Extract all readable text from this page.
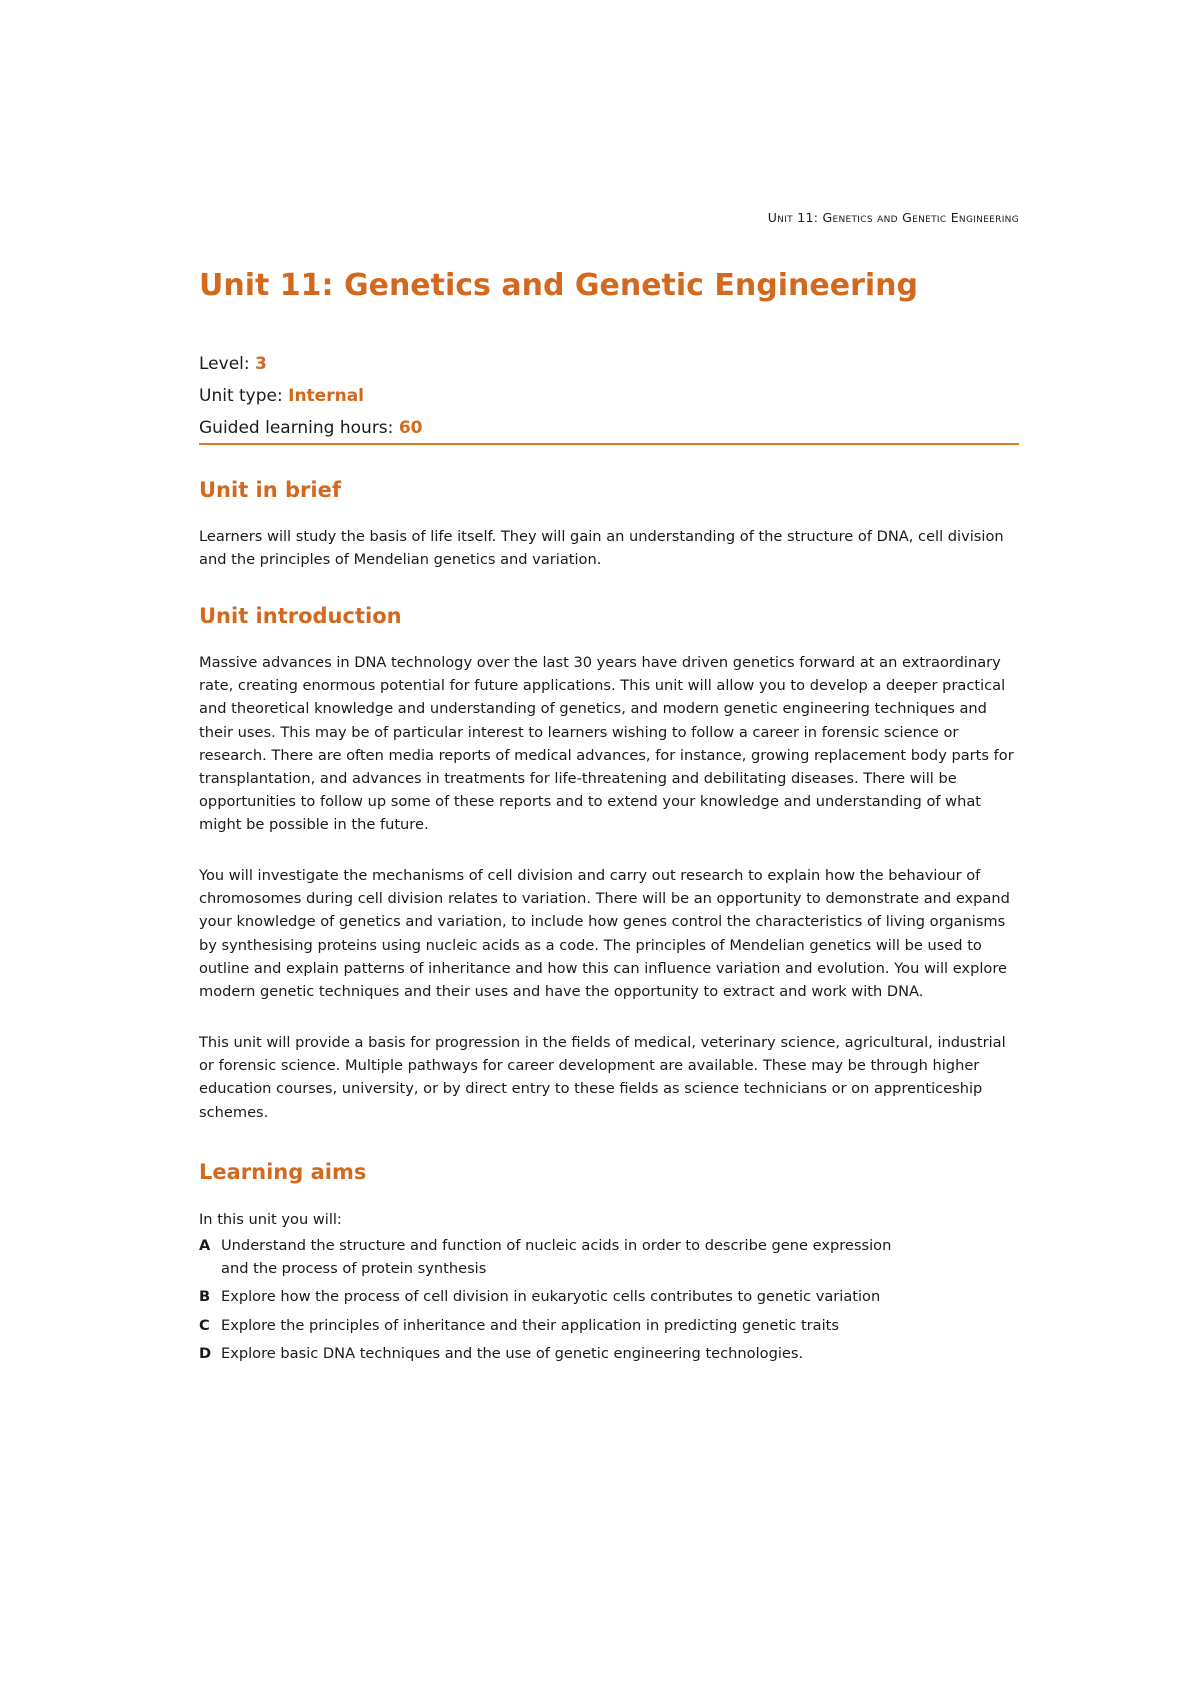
Unit 11: Genetics and Genetic Engineering
Unit 11: Genetics and Genetic Engineering
Level: 3
Unit type: Internal
Guided learning hours: 60
Unit in brief

Learners will study the basis of life itself. They will gain an understanding of the structure of DNA, cell division and the principles of Mendelian genetics and variation.

Unit introduction

Massive advances in DNA technology over the last 30 years have driven genetics forward at an extraordinary rate, creating enormous potential for future applications. This unit will allow you to develop a deeper practical and theoretical knowledge and understanding of genetics, and modern genetic engineering techniques and their uses. This may be of particular interest to learners wishing to follow a career in forensic science or research. There are often media reports of medical advances, for instance, growing replacement body parts for transplantation, and advances in treatments for life-threatening and debilitating diseases. There will be opportunities to follow up some of these reports and to extend your knowledge and understanding of what might be possible in the future.

You will investigate the mechanisms of cell division and carry out research to explain how the behaviour of chromosomes during cell division relates to variation. There will be an opportunity to demonstrate and expand your knowledge of genetics and variation, to include how genes control the characteristics of living organisms by synthesising proteins using nucleic acids as a code. The principles of Mendelian genetics will be used to outline and explain patterns of inheritance and how this can influence variation and evolution. You will explore modern genetic techniques and their uses and have the opportunity to extract and work with DNA.

This unit will provide a basis for progression in the fields of medical, veterinary science, agricultural, industrial or forensic science. Multiple pathways for career development are available. These may be through higher education courses, university, or by direct entry to these fields as science technicians or on apprenticeship schemes.

Learning aims
In this unit you will:
A Understand the structure and function of nucleic acids in order to describe gene expression and the process of protein synthesis
B Explore how the process of cell division in eukaryotic cells contributes to genetic variation
C Explore the principles of inheritance and their application in predicting genetic traits
D Explore basic DNA techniques and the use of genetic engineering technologies.
